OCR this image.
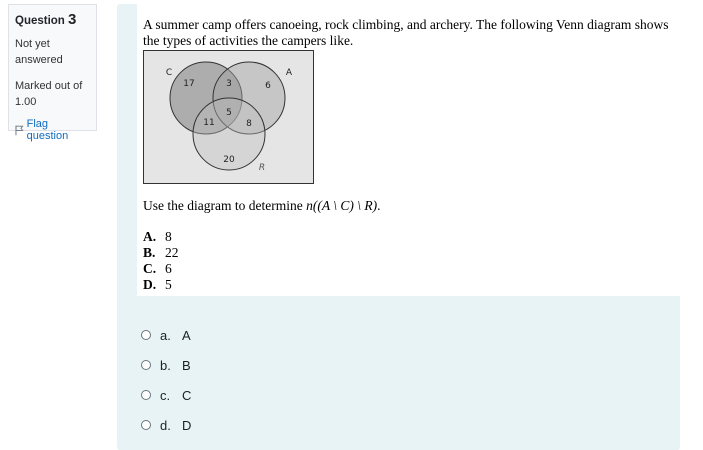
Question 3
Not yet
answered
Marked out of
1.00
Flag question
A summer camp offers canoeing, rock climbing, and archery. The following Venn diagram shows
the types of activities the campers like.
C	A
R
17	3	6
5
11	8
20
Use the diagram to determine n((A \ C) \ R).
A. 8
B. 22
C. 6
D. 5
a. A
b. B
c. C
d. D
